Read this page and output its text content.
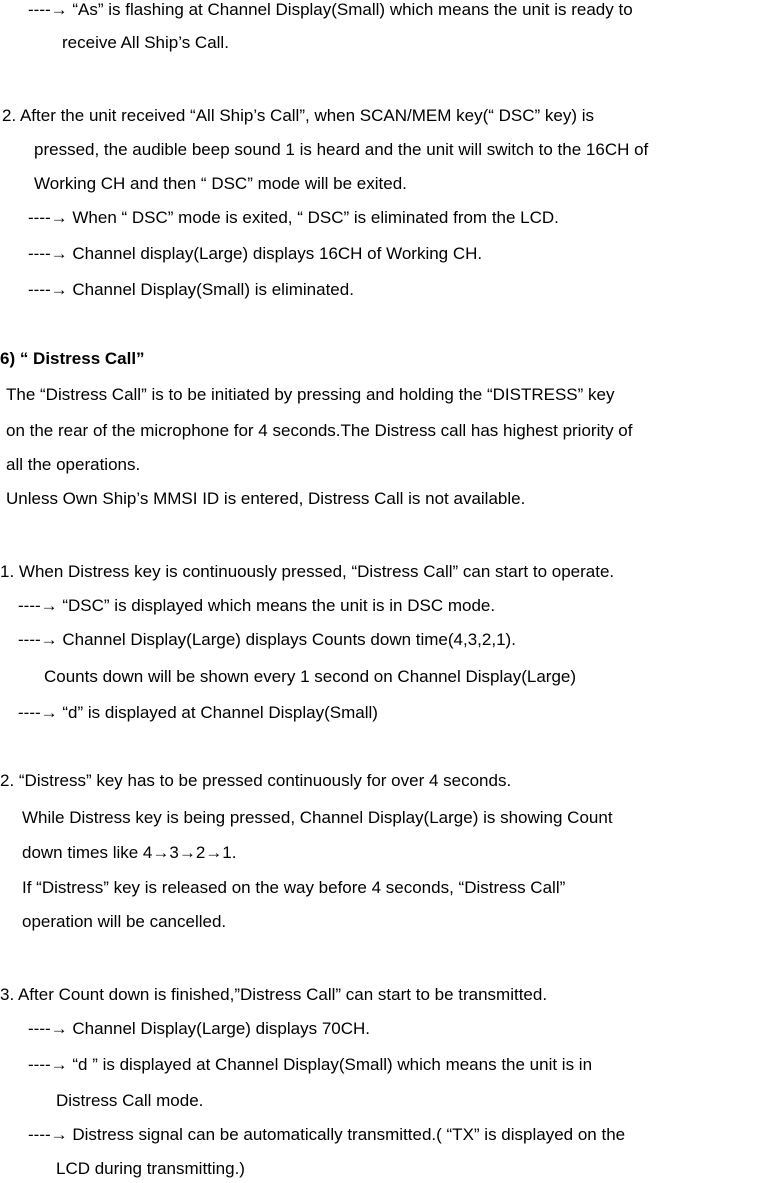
----→ “As” is flashing at Channel Display(Small) which means the unit is ready to
receive All Ship’s Call.
2. After the unit received “All Ship’s Call”, when SCAN/MEM key(“ DSC” key) is
pressed, the audible beep sound 1 is heard and the unit will switch to the 16CH of
Working CH and then “ DSC” mode will be exited.
----→ When “ DSC” mode is exited, “ DSC” is eliminated from the LCD.
----→ Channel display(Large) displays 16CH of Working CH.
----→ Channel Display(Small) is eliminated.
6) “ Distress Call”
The “Distress Call” is to be initiated by pressing and holding the “DISTRESS” key
on the rear of the microphone for 4 seconds.The Distress call has highest priority of
all the operations.
Unless Own Ship’s MMSI ID is entered, Distress Call is not available.
1. When Distress key is continuously pressed, “Distress Call” can start to operate.
----→ “DSC” is displayed which means the unit is in DSC mode.
----→ Channel Display(Large) displays Counts down time(4,3,2,1).
Counts down will be shown every 1 second on Channel Display(Large)
----→ “d” is displayed at Channel Display(Small)
2. “Distress” key has to be pressed continuously for over 4 seconds.
While Distress key is being pressed, Channel Display(Large) is showing Count
down times like 4→3→2→1.
If “Distress” key is released on the way before 4 seconds, “Distress Call”
operation will be cancelled.
3. After Count down is finished,”Distress Call” can start to be transmitted.
----→ Channel Display(Large) displays 70CH.
----→ “d ” is displayed at Channel Display(Small) which means the unit is in
Distress Call mode.
----→ Distress signal can be automatically transmitted.( “TX” is displayed on the
LCD during transmitting.)
